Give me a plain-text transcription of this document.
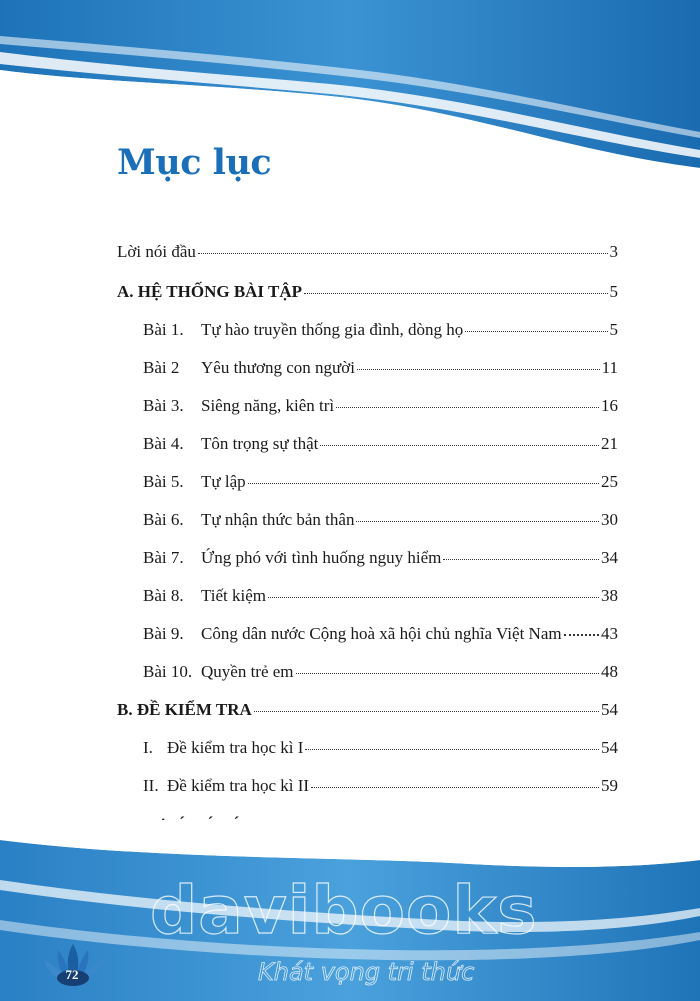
Mục lục
Lời nói đầu	3
A. HỆ THỐNG BÀI TẬP	5
Bài 1.	Tự hào truyền thống gia đình, dòng họ	5
Bài 2	Yêu thương con người	11
Bài 3.	Siêng năng, kiên trì	16
Bài 4.	Tôn trọng sự thật	21
Bài 5.	Tự lập	25
Bài 6.	Tự nhận thức bản thân	30
Bài 7.	Ứng phó với tình huống nguy hiểm	34
Bài 8.	Tiết kiệm	38
Bài 9.	Công dân nước Cộng hoà xã hội chủ nghĩa Việt Nam 43
Bài 10. Quyền trẻ em	48
B. ĐỀ KIỂM TRA	54
I. Đề kiểm tra học kì I	54
II. Đề kiểm tra học kì II	59
davibooks
Khát vọng tri thức
72
